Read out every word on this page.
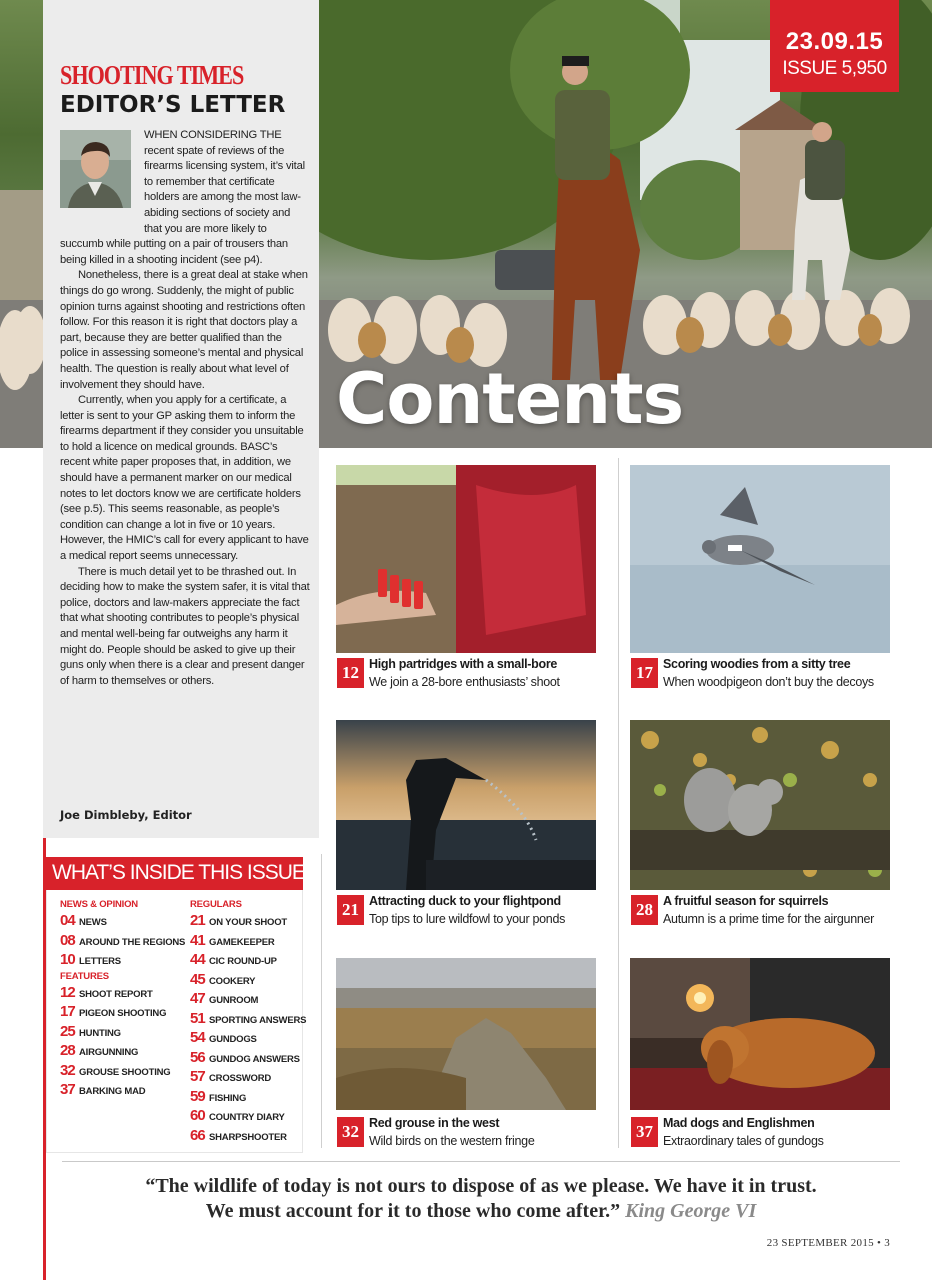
Contents
23.09.15
ISSUE 5,950
SHOOTING TIMES
EDITOR’S LETTER

WHEN CONSIDERING THE recent spate of reviews of the firearms licensing system, it’s vital to remember that certificate holders are among the most law-abiding sections of society and that you are more likely to succumb while putting on a pair of trousers than being killed in a shooting incident (see p4).

Nonetheless, there is a great deal at stake when things do go wrong. Suddenly, the might of public opinion turns against shooting and restrictions often follow. For this reason it is right that doctors play a part, because they are better qualified than the police in assessing someone’s mental and physical health. The question is really about what level of involvement they should have.

Currently, when you apply for a certificate, a letter is sent to your GP asking them to inform the firearms department if they consider you unsuitable to hold a licence on medical grounds. BASC’s recent white paper proposes that, in addition, we should have a permanent marker on our medical notes to let doctors know we are certificate holders (see p.5). This seems reasonable, as people’s condition can change a lot in five or 10 years. However, the HMIC’s call for every applicant to have a medical report seems unnecessary.

There is much detail yet to be thrashed out. In deciding how to make the system safer, it is vital that police, doctors and law-makers appreciate the fact that what shooting contributes to people’s physical and mental well-being far outweighs any harm it might do. People should be asked to give up their guns only when there is a clear and present danger of harm to themselves or others.

Joe Dimbleby, Editor
WHAT’S INSIDE THIS ISSUE
NEWS & OPINION
04 NEWS
08 AROUND THE REGIONS
10 LETTERS
FEATURES
12 SHOOT REPORT
17 PIGEON SHOOTING
25 HUNTING
28 AIRGUNNING
32 GROUSE SHOOTING
37 BARKING MAD
REGULARS
21 ON YOUR SHOOT
41 GAMEKEEPER
44 CIC ROUND-UP
45 COOKERY
47 GUNROOM
51 SPORTING ANSWERS
54 GUNDOGS
56 GUNDOG ANSWERS
57 CROSSWORD
59 FISHING
60 COUNTRY DIARY
66 SHARPSHOOTER
12 High partridges with a small-bore
We join a 28-bore enthusiasts’ shoot	17 Scoring woodies from a sitty tree
When woodpigeon don’t buy the decoys
21 Attracting duck to your flightpond
Top tips to lure wildfowl to your ponds	28 A fruitful season for squirrels
Autumn is a prime time for the airgunner
32 Red grouse in the west
Wild birds on the western fringe	37 Mad dogs and Englishmen
Extraordinary tales of gundogs
“The wildlife of today is not ours to dispose of as we please. We have it in trust.
We must account for it to those who come after.” King George VI
23 SEPTEMBER 2015 • 3
